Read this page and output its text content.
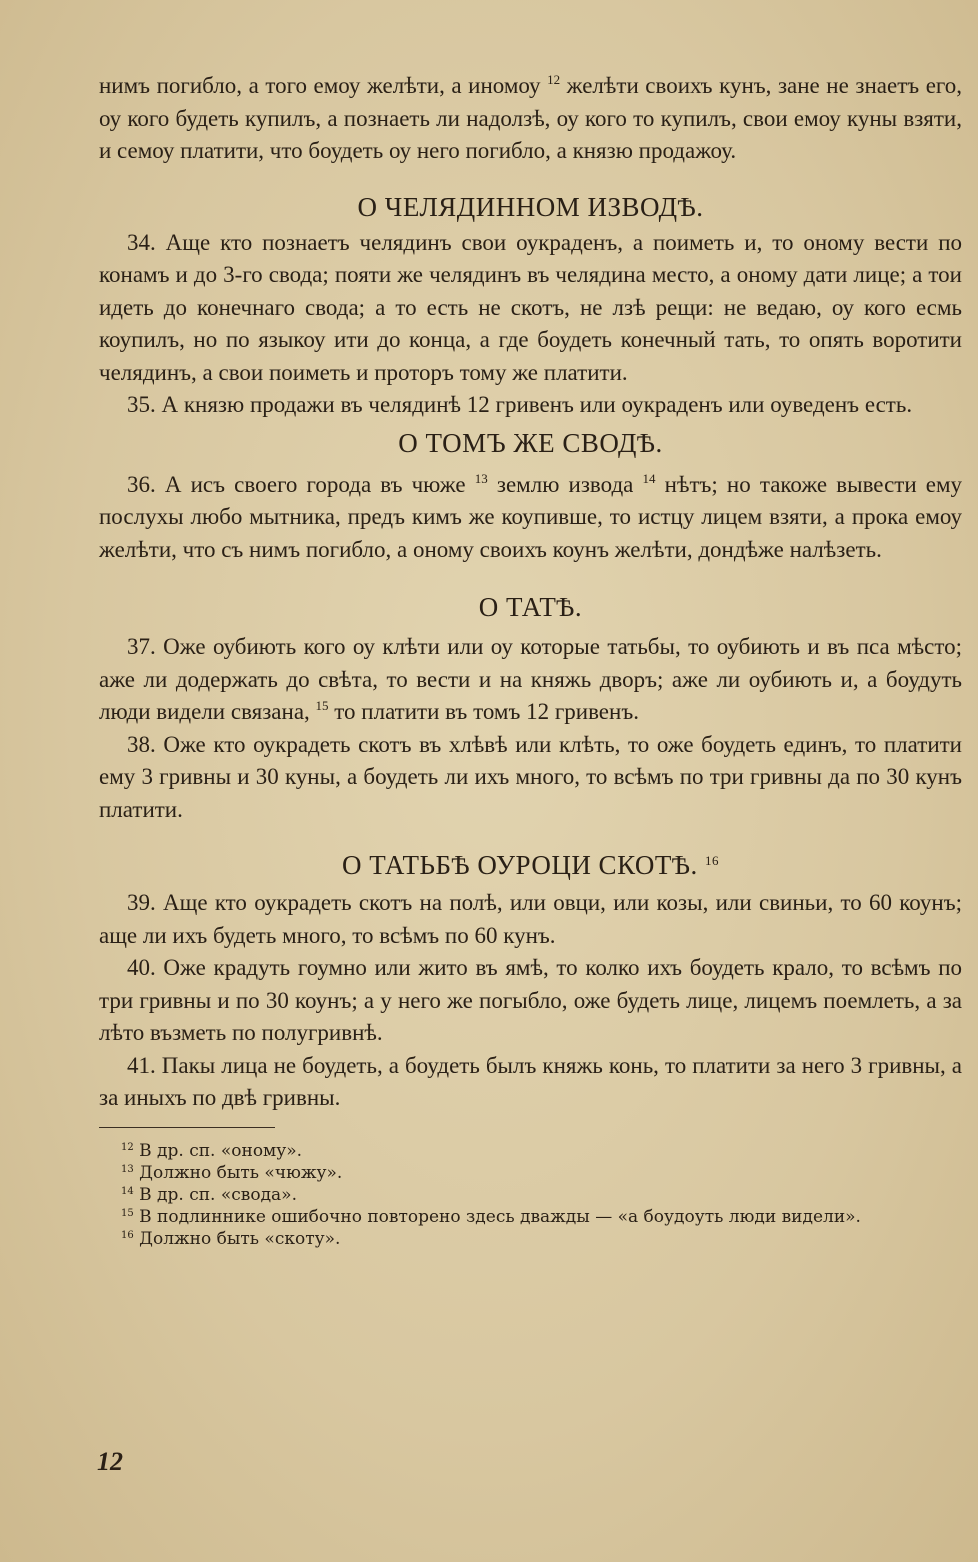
нимъ погибло, а того емоу желѣти, а иномоу $^{12}$ желѣти своихъ кунъ, зане не знаетъ его, оу кого будеть купилъ, а познаеть ли надолзѣ, оу кого то купилъ, свои емоу куны взяти, и семоу платити, что боудеть оу него погибло, а князю продажоу.

О ЧЕЛЯДИННОМ ИЗВОДѢ.

34. Аще кто познаетъ челядинъ свои оукраденъ, а поиметь и, то оному вести по конамъ и до 3-го свода; пояти же челядинъ въ челядина место, а оному дати лице; а тои идеть до конечнаго свода; а то есть не скотъ, не лзѣ рещи: не ведаю, оу кого есмь коупилъ, но по языкоу ити до конца, а где боудеть конечный тать, то опять воротити челядинъ, а свои поиметь и проторъ тому же платити.

35. А князю продажи въ челядинѣ 12 гривенъ или оукраденъ или оуведенъ есть.

О ТОМЪ ЖЕ СВОДѢ.

36. А исъ своего города въ чюже $^{13}$ землю извода $^{14}$ нѣтъ; но такоже вывести ему послухы любо мытника, предъ кимъ же коупивше, то истцу лицем взяти, а прока емоу желѣти, что съ нимъ погибло, а оному своихъ коунъ желѣти, дондѣже налѣзеть.

О ТАТѢ.

37. Оже оубиють кого оу клѣти или оу которые татьбы, то оубиють и въ пса мѣсто; аже ли додержать до свѣта, то вести и на княжь дворъ; аже ли оубиють и, а боудуть люди видели связана, $^{15}$ то платити въ томъ 12 гривенъ.

38. Оже кто оукрадеть скотъ въ хлѣвѣ или клѣть, то оже боудеть единъ, то платити ему 3 гривны и 30 куны, а боудеть ли ихъ много, то всѣмъ по три гривны да по 30 кунъ платити.

О ТАТЬБѢ ОУРОЦИ СКОТѢ. $^{16}$

39. Аще кто оукрадеть скотъ на полѣ, или овци, или козы, или свиньи, то 60 коунъ; аще ли ихъ будеть много, то всѣмъ по 60 кунъ.

40. Оже крадуть гоумно или жито въ ямѣ, то колко ихъ боудеть крало, то всѣмъ по три гривны и по 30 коунъ; а у него же погыбло, оже будеть лице, лицемъ поемлеть, а за лѣто възметь по полугривнѣ.

41. Пакы лица не боудеть, а боудеть былъ княжь конь, то платити за него 3 гривны, а за иныхъ по двѣ гривны.

$^{12}$ В др. сп. «оному».
$^{13}$ Должно быть «чюжу».
$^{14}$ В др. сп. «свода».
$^{15}$ В подлиннике ошибочно повторено здесь дважды — «а боудоуть люди видели».
$^{16}$ Должно быть «скоту».
12
